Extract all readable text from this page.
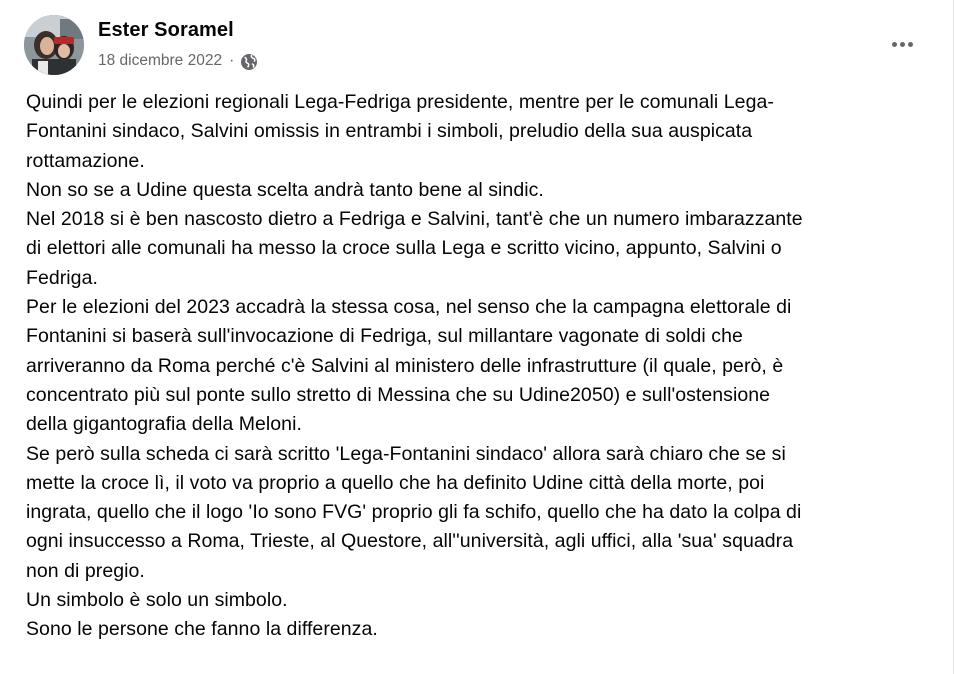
Ester Soramel
18 dicembre 2022 ·
Quindi per le elezioni regionali Lega-Fedriga presidente, mentre per le comunali Lega-
Fontanini sindaco, Salvini omissis in entrambi i simboli, preludio della sua auspicata
rottamazione.
Non so se a Udine questa scelta andrà tanto bene al sindic.
Nel 2018 si è ben nascosto dietro a Fedriga e Salvini, tant'è che un numero imbarazzante
di elettori alle comunali ha messo la croce sulla Lega e scritto vicino, appunto, Salvini o
Fedriga.
Per le elezioni del 2023 accadrà la stessa cosa, nel senso che la campagna elettorale di
Fontanini si baserà sull'invocazione di Fedriga, sul millantare vagonate di soldi che
arriveranno da Roma perché c'è Salvini al ministero delle infrastrutture (il quale, però, è
concentrato più sul ponte sullo stretto di Messina che su Udine2050) e sull'ostensione
della gigantografia della Meloni.
Se però sulla scheda ci sarà scritto 'Lega-Fontanini sindaco' allora sarà chiaro che se si
mette la croce lì, il voto va proprio a quello che ha definito Udine città della morte, poi
ingrata, quello che il logo 'Io sono FVG' proprio gli fa schifo, quello che ha dato la colpa di
ogni insuccesso a Roma, Trieste, al Questore, all''università, agli uffici, alla 'sua' squadra
non di pregio.
Un simbolo è solo un simbolo.
Sono le persone che fanno la differenza.
